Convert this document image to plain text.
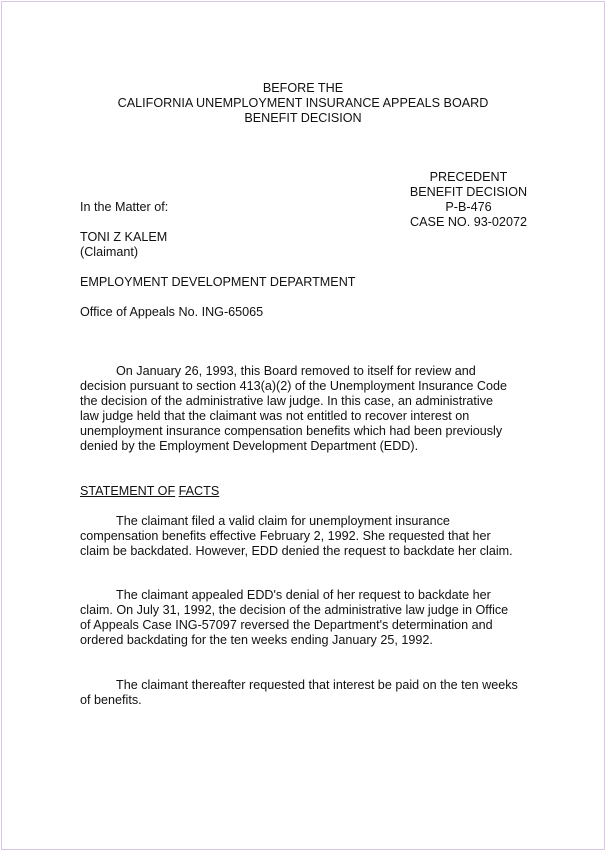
BEFORE THE
CALIFORNIA UNEMPLOYMENT INSURANCE APPEALS BOARD
BENEFIT DECISION
PRECEDENT
BENEFIT DECISION
P-B-476
CASE NO. 93-02072
In the Matter of:
TONI Z KALEM
(Claimant)
EMPLOYMENT DEVELOPMENT DEPARTMENT
Office of Appeals No. ING-65065
On January 26, 1993, this Board removed to itself for review and
decision pursuant to section 413(a)(2) of the Unemployment Insurance Code
the decision of the administrative law judge. In this case, an administrative
law judge held that the claimant was not entitled to recover interest on
unemployment insurance compensation benefits which had been previously
denied by the Employment Development Department (EDD).
STATEMENT OF FACTS
The claimant filed a valid claim for unemployment insurance
compensation benefits effective February 2, 1992. She requested that her
claim be backdated. However, EDD denied the request to backdate her claim.
The claimant appealed EDD's denial of her request to backdate her
claim. On July 31, 1992, the decision of the administrative law judge in Office
of Appeals Case ING-57097 reversed the Department's determination and
ordered backdating for the ten weeks ending January 25, 1992.
The claimant thereafter requested that interest be paid on the ten weeks
of benefits.
